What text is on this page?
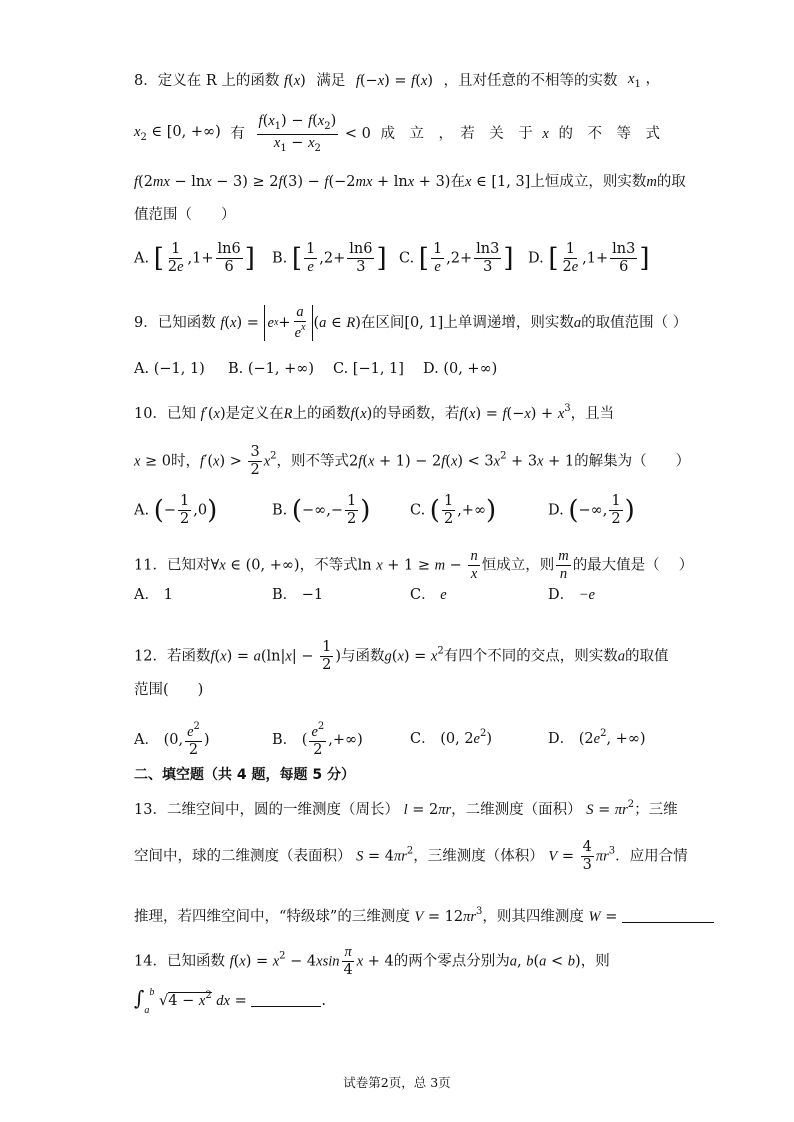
8．定义在 R 上的函数 f(x) 满足 f(−x) = f(x) ，且对任意的不相等的实数 $x_1$ ，
$x_2$ ∈ [0, +∞) 有 $\frac{f(x_1) - f(x_2)}{x_1 - x_2} < 0$ 成　立　，　若　关　于 x 的　不　等　式
f(2mx − lnx − 3) ≥ 2f(3) − f(−2mx + lnx + 3)在x ∈ [1, 3]上恒成立，则实数m的取
值范围（　　）
A. [ $\frac{1}{2e} ,1+ \frac{\ln 6}{6}$ ] B. [ $\frac{1}{e} ,2+ \frac{\ln 6}{3}$ ] C. [ $\frac{1}{e} ,2+ \frac{\ln 3}{3}$ ] D. [ $\frac{1}{2e} ,1+ \frac{\ln 3}{6}$ ]
9．已知函数 f(x) = e $x + \frac{a}{e^x} (a$ ∈ R)在区间[0, 1]上单调递增，则实数a的取值范围（ ）
A. (−1, 1) B. (−1, +∞) C. [−1, 1] D. (0, +∞)
10．已知 f′(x)是定义在R上的函数f(x)的导函数，若$f(x) = f(-x) + x^3$，且当
x ≥ 0时，$f'(x) > \frac{3}{2} x^2$，则不等式$2f(x + 1) - 2f(x) < 3x^2 + 3x + 1$的解集为（　　）
A. (− $\frac{1}{2} ,0$)	B. (−∞,− $\frac{1}{2}$ )	C. ( $\frac{1}{2}$ ,+∞)	D. (−∞, $\frac{1}{2}$ )
11．已知对∀x ∈ (0, +∞)，不等式$\ln x + 1 \ge m - \frac{n}{x}$ 恒成立，则 $\frac{m}{n}$ 的最大值是（　 ）
A． 1	B． −1	C． e	D． −e
12．若函数$f(x) = a(\ln|x| - \frac{1}{2}$ )与函数$g(x) = x^2$有四个不同的交点，则实数a的取值
范围(　　)
A． (0, $\frac{e^2}{2}$ )	B． ( $\frac{e^2}{2}$ ,+∞)	C． (0, $2e^2$)	D． ($2e^2$, +∞)
二、填空题（共 4 题，每题 5 分）
13．二维空间中，圆的一维测度（周长） l = 2πr，二维测度（面积） $S = \pi r^2$；三维
空间中，球的二维测度（表面积） $S = 4\pi r^2$，三维测度（体积） $V = \frac{4}{3} \pi r^3$．应用合情
推理，若四维空间中，“特级球”的三维测度 $V = 12\pi r^3$，则其四维测度 W =
14．已知函数 $f(x) = x^2 - 4xsin \frac{\pi}{4}$ x + 4的两个零点分别为a, b(a < b)，则
$\int_a^b$ $√4 - x^2$ dx =	.
试卷第2页，总 3页
